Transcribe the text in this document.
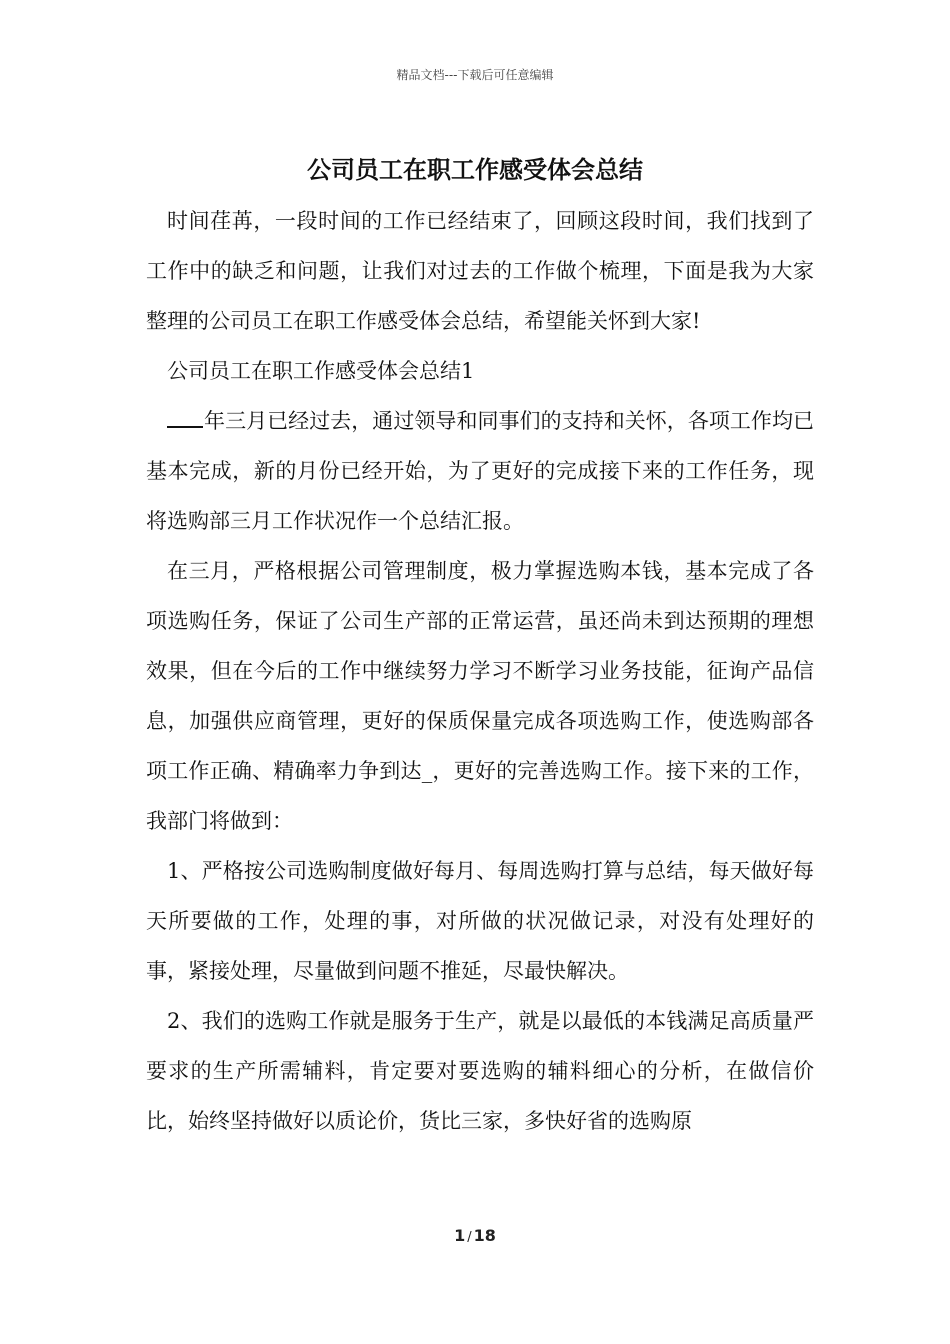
精品文档---下载后可任意编辑
公司员工在职工作感受体会总结

时间荏苒，一段时间的工作已经结束了，回顾这段时间，我们找到了工作中的缺乏和问题，让我们对过去的工作做个梳理，下面是我为大家整理的公司员工在职工作感受体会总结，希望能关怀到大家!

公司员工在职工作感受体会总结1

年三月已经过去，通过领导和同事们的支持和关怀，各项工作均已基本完成，新的月份已经开始，为了更好的完成接下来的工作任务，现将选购部三月工作状况作一个总结汇报。

在三月，严格根据公司管理制度，极力掌握选购本钱，基本完成了各项选购任务，保证了公司生产部的正常运营，虽还尚未到达预期的理想效果，但在今后的工作中继续努力学习不断学习业务技能，征询产品信息，加强供应商管理，更好的保质保量完成各项选购工作，使选购部各项工作正确、精确率力争到达_，更好的完善选购工作。接下来的工作，我部门将做到：

1、严格按公司选购制度做好每月、每周选购打算与总结，每天做好每天所要做的工作，处理的事，对所做的状况做记录，对没有处理好的事，紧接处理，尽量做到问题不推延，尽最快解决。

2、我们的选购工作就是服务于生产，就是以最低的本钱满足高质量严要求的生产所需辅料，肯定要对要选购的辅料细心的分析，在做信价比，始终坚持做好以质论价，货比三家，多快好省的选购原

1 / 18
